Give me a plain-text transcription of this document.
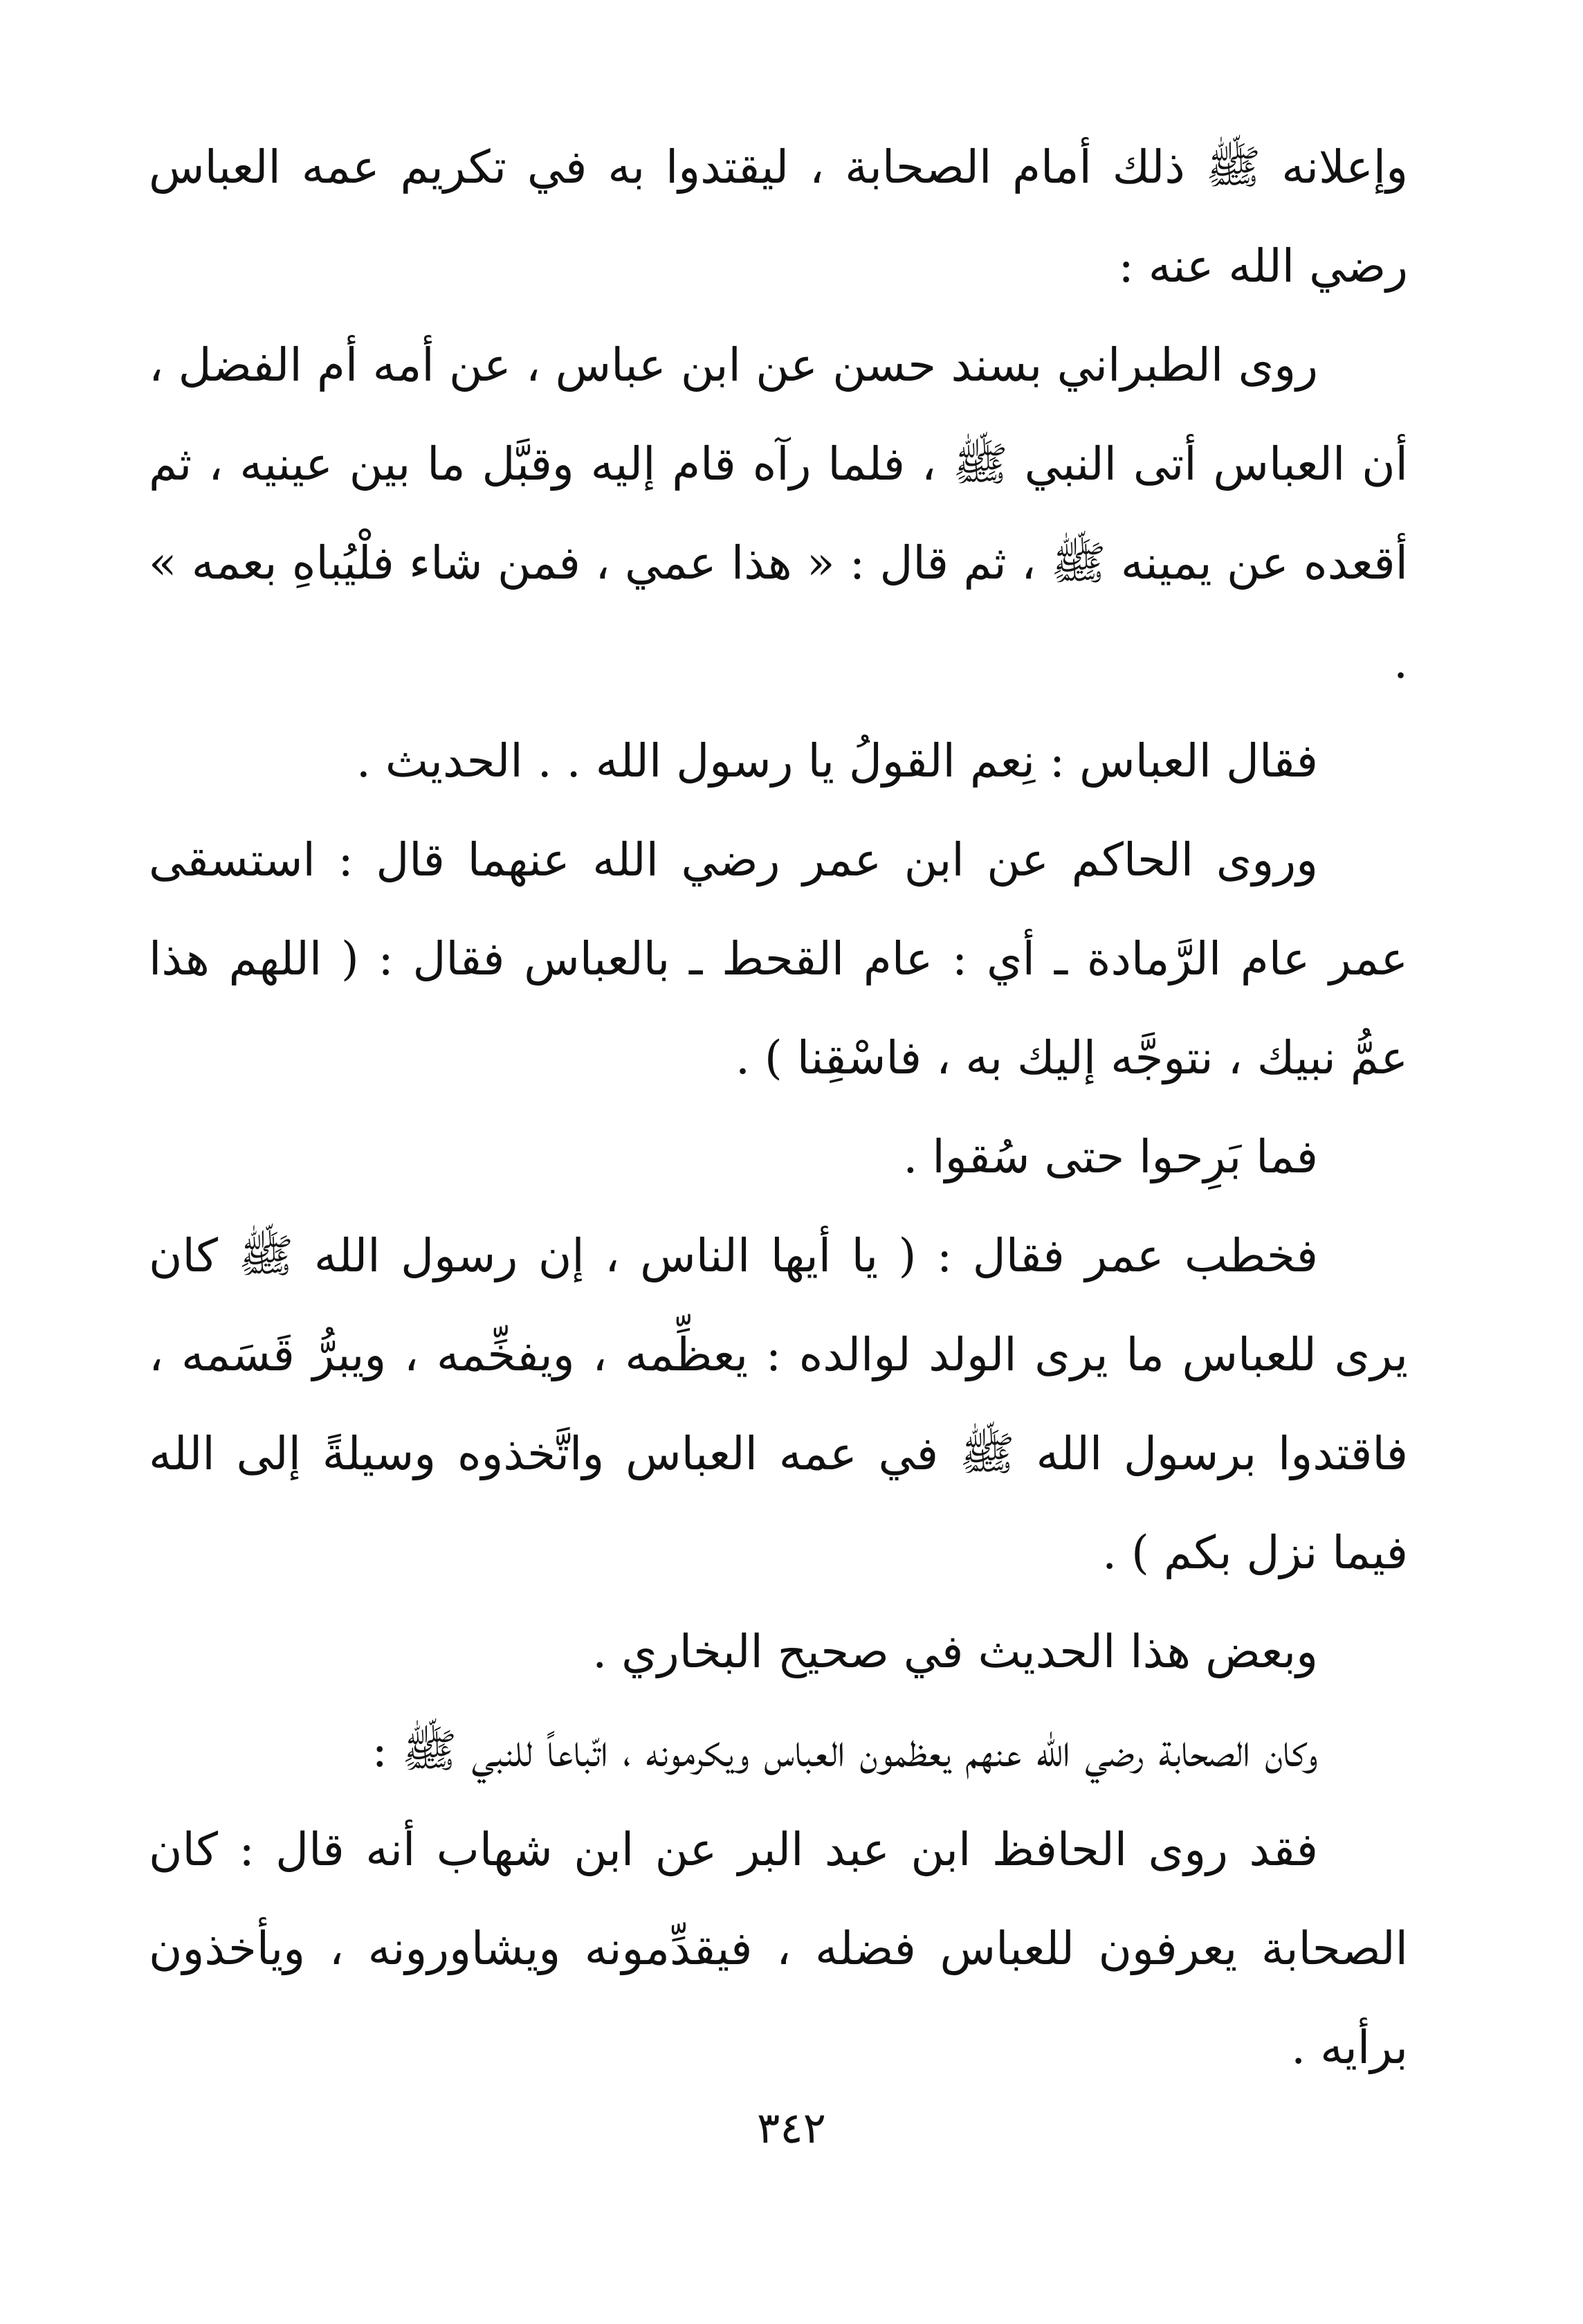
وإعلانه ﷺ ذلك أمام الصحابة ، ليقتدوا به في تكريم عمه العباس رضي الله عنه :

روى الطبراني بسند حسن عن ابن عباس ، عن أمه أم الفضل ، أن العباس أتى النبي ﷺ ، فلما رآه قام إليه وقبَّل ما بين عينيه ، ثم أقعده عن يمينه ﷺ ، ثم قال : « هذا عمي ، فمن شاء فلْيُباهِ بعمه » .

فقال العباس : نِعم القولُ يا رسول الله . . الحديث .

وروى الحاكم عن ابن عمر رضي الله عنهما قال : استسقى عمر عام الرَّمادة ـ أي : عام القحط ـ بالعباس فقال : ( اللهم هذا عمُّ نبيك ، نتوجَّه إليك به ، فاسْقِنا ) .

فما بَرِحوا حتى سُقوا .

فخطب عمر فقال : ( يا أيها الناس ، إن رسول الله ﷺ كان يرى للعباس ما يرى الولد لوالده : يعظِّمه ، ويفخِّمه ، ويبرُّ قَسَمه ، فاقتدوا برسول الله ﷺ في عمه العباس واتَّخذوه وسيلةً إلى الله فيما نزل بكم ) .

وبعض هذا الحديث في صحيح البخاري .

وكان الصحابة رضي الله عنهم يعظمون العباس ويكرمونه ، اتّباعاً للنبي ﷺ :

فقد روى الحافظ ابن عبد البر عن ابن شهاب أنه قال : كان الصحابة يعرفون للعباس فضله ، فيقدِّمونه ويشاورونه ، ويأخذون برأيه .

٣٤٢
